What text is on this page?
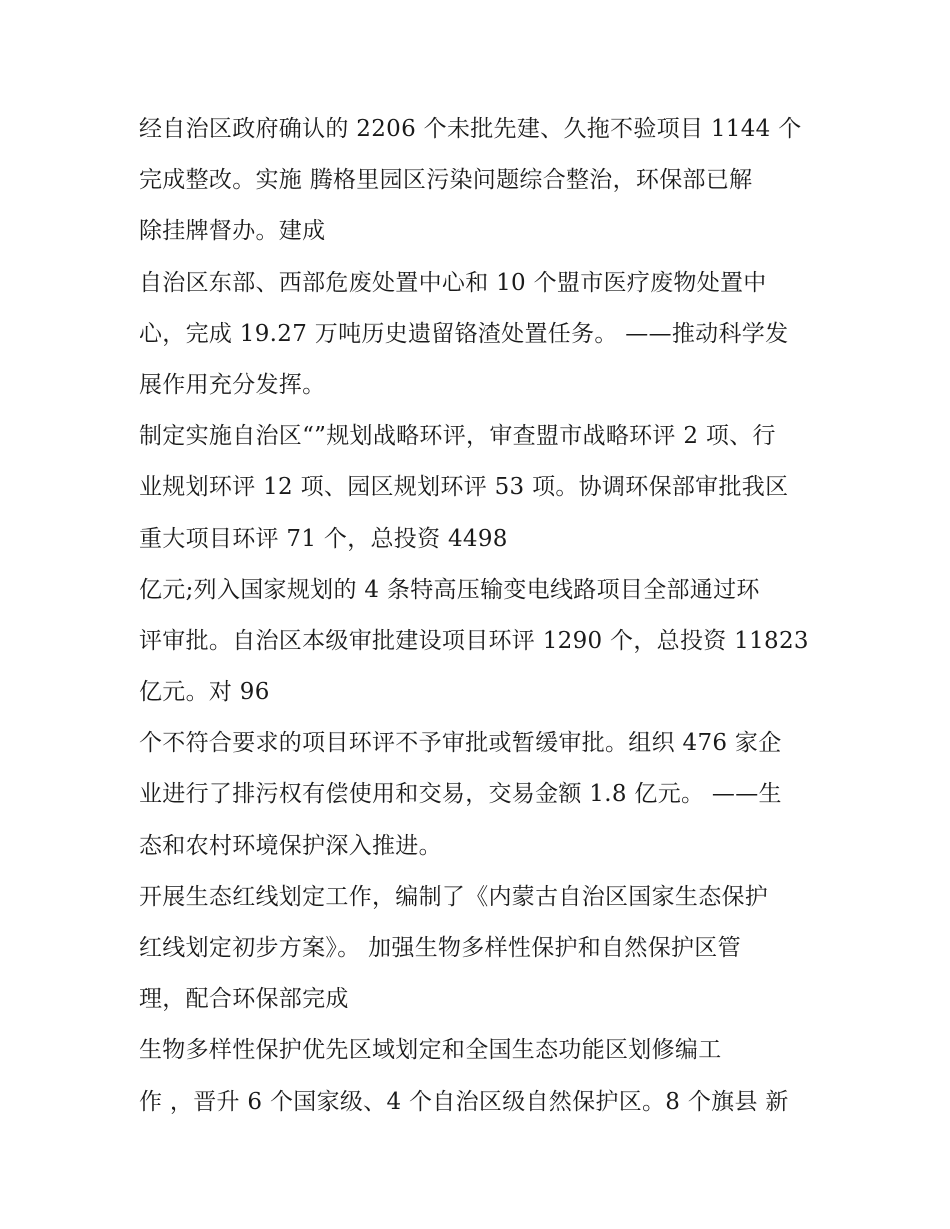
经自治区政府确认的 2206 个未批先建、久拖不验项目 1144 个
完成整改。实施 腾格里园区污染问题综合整治，环保部已解
除挂牌督办。建成
自治区东部、西部危废处置中心和 10 个盟市医疗废物处置中
心，完成 19.27 万吨历史遗留铬渣处置任务。 ——推动科学发
展作用充分发挥。
制定实施自治区“”规划战略环评，审查盟市战略环评 2 项、行
业规划环评 12 项、园区规划环评 53 项。协调环保部审批我区
重大项目环评 71 个，总投资 4498
亿元;列入国家规划的 4 条特高压输变电线路项目全部通过环
评审批。自治区本级审批建设项目环评 1290 个，总投资 11823
亿元。对 96
个不符合要求的项目环评不予审批或暂缓审批。组织 476 家企
业进行了排污权有偿使用和交易，交易金额 1.8 亿元。 ——生
态和农村环境保护深入推进。
开展生态红线划定工作，编制了《内蒙古自治区国家生态保护
红线划定初步方案》。 加强生物多样性保护和自然保护区管
理，配合环保部完成
生物多样性保护优先区域划定和全国生态功能区划修编工
作 ，晋升 6 个国家级、4 个自治区级自然保护区。8 个旗县 新
